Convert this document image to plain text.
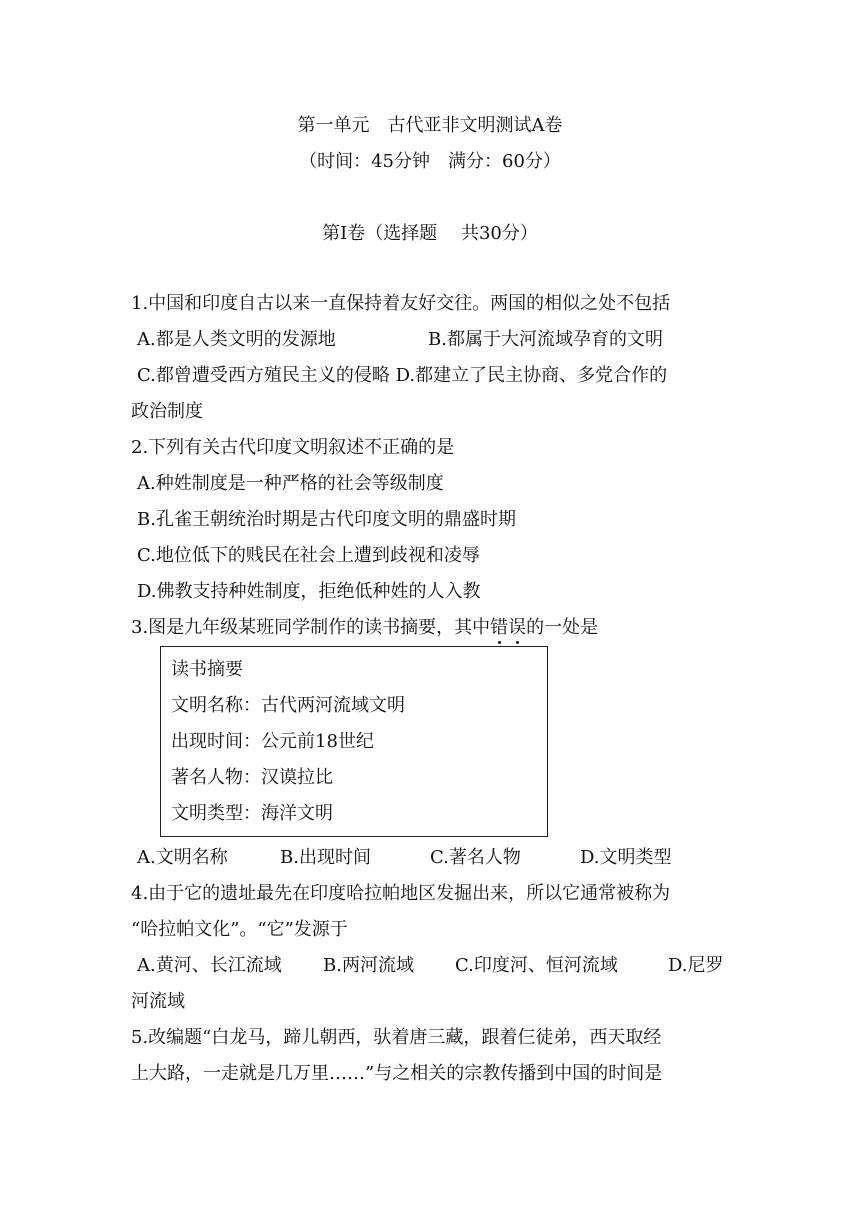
第一单元　古代亚非文明测试A卷
（时间：45分钟　满分：60分）
第Ⅰ卷（选择题　 共30分）
1.中国和印度自古以来一直保持着友好交往。两国的相似之处不包括
A.都是人类文明的发源地	B.都属于大河流域孕育的文明
C.都曾遭受西方殖民主义的侵略 D.都建立了民主协商、多党合作的
政治制度
2.下列有关古代印度文明叙述不正确的是
A.种姓制度是一种严格的社会等级制度
B.孔雀王朝统治时期是古代印度文明的鼎盛时期
C.地位低下的贱民在社会上遭到歧视和凌辱
D.佛教支持种姓制度，拒绝低种姓的人入教
3.图是九年级某班同学制作的读书摘要，其中错误的一处是
读书摘要
文明名称：古代两河流域文明
出现时间：公元前18世纪
著名人物：汉谟拉比
文明类型：海洋文明
A.文明名称	B.出现时间	C.著名人物	D.文明类型
4.由于它的遗址最先在印度哈拉帕地区发掘出来，所以它通常被称为
“哈拉帕文化”。“它”发源于
A.黄河、长江流域 B.两河流域 C.印度河、恒河流域	D.尼罗
河流域
5.改编题“白龙马，蹄儿朝西，驮着唐三藏，跟着仨徒弟，西天取经
上大路，一走就是几万里……”与之相关的宗教传播到中国的时间是
